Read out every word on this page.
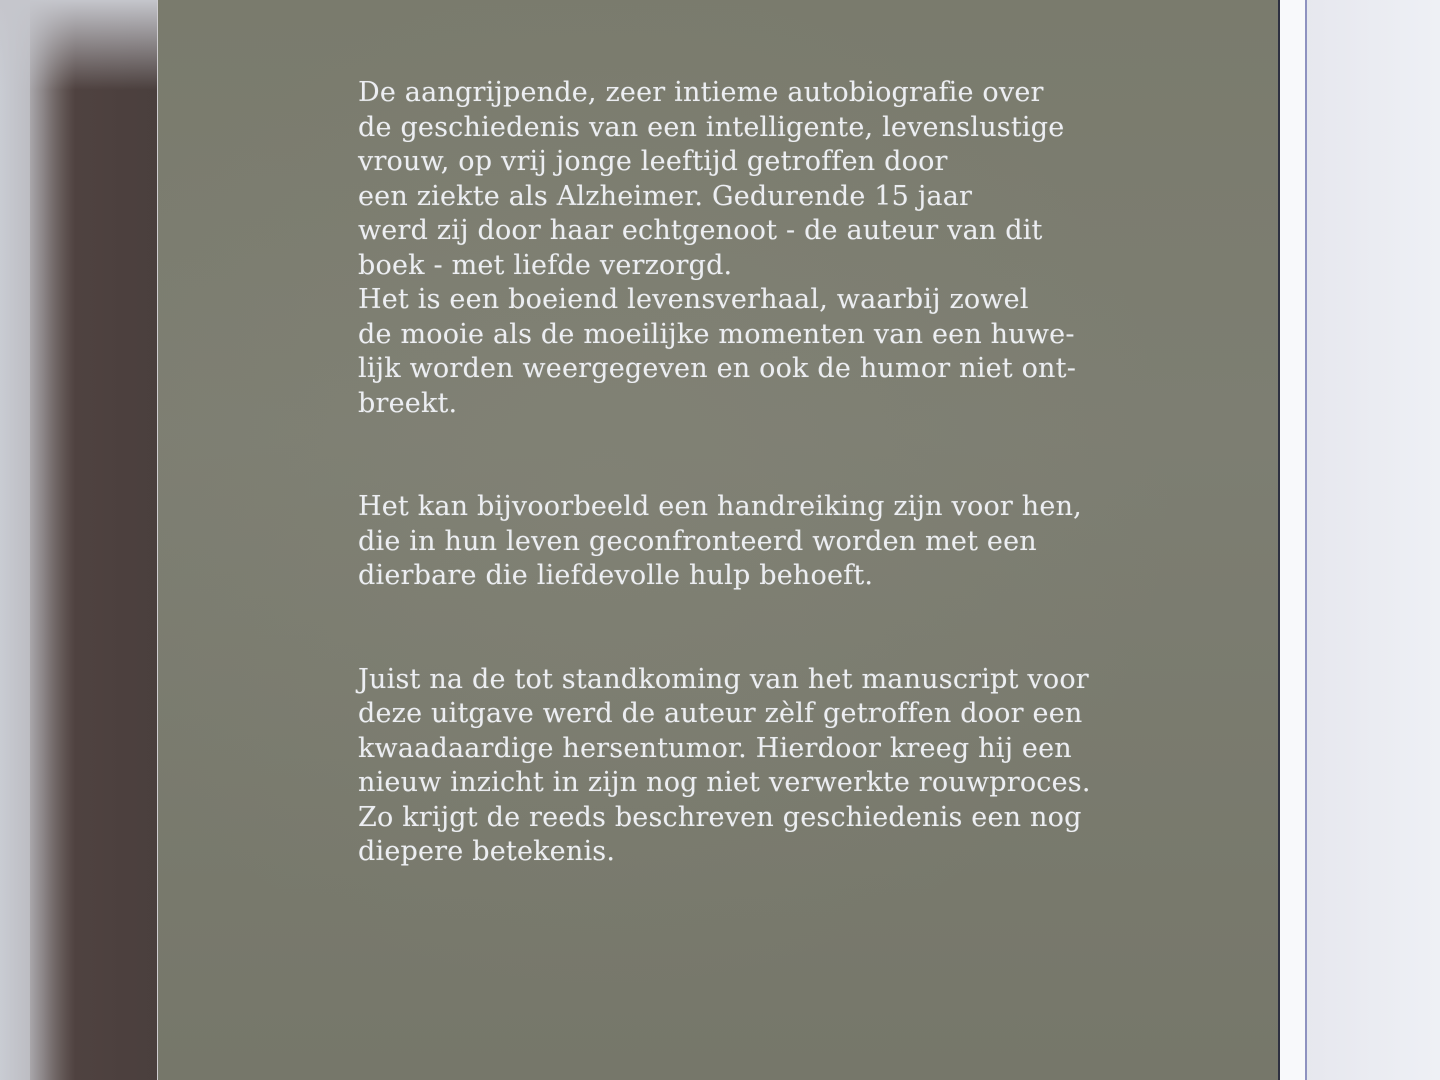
De aangrijpende, zeer intieme autobiografie over
de geschiedenis van een intelligente, levenslustige
vrouw, op vrij jonge leeftijd getroffen door
een ziekte als Alzheimer. Gedurende 15 jaar
werd zij door haar echtgenoot - de auteur van dit
boek - met liefde verzorgd.
Het is een boeiend levensverhaal, waarbij zowel
de mooie als de moeilijke momenten van een huwe-
lijk worden weergegeven en ook de humor niet ont-
breekt.

Het kan bijvoorbeeld een handreiking zijn voor hen,
die in hun leven geconfronteerd worden met een
dierbare die liefdevolle hulp behoeft.

Juist na de tot standkoming van het manuscript voor
deze uitgave werd de auteur zèlf getroffen door een
kwaadaardige hersentumor. Hierdoor kreeg hij een
nieuw inzicht in zijn nog niet verwerkte rouwproces.
Zo krijgt de reeds beschreven geschiedenis een nog
diepere betekenis.
